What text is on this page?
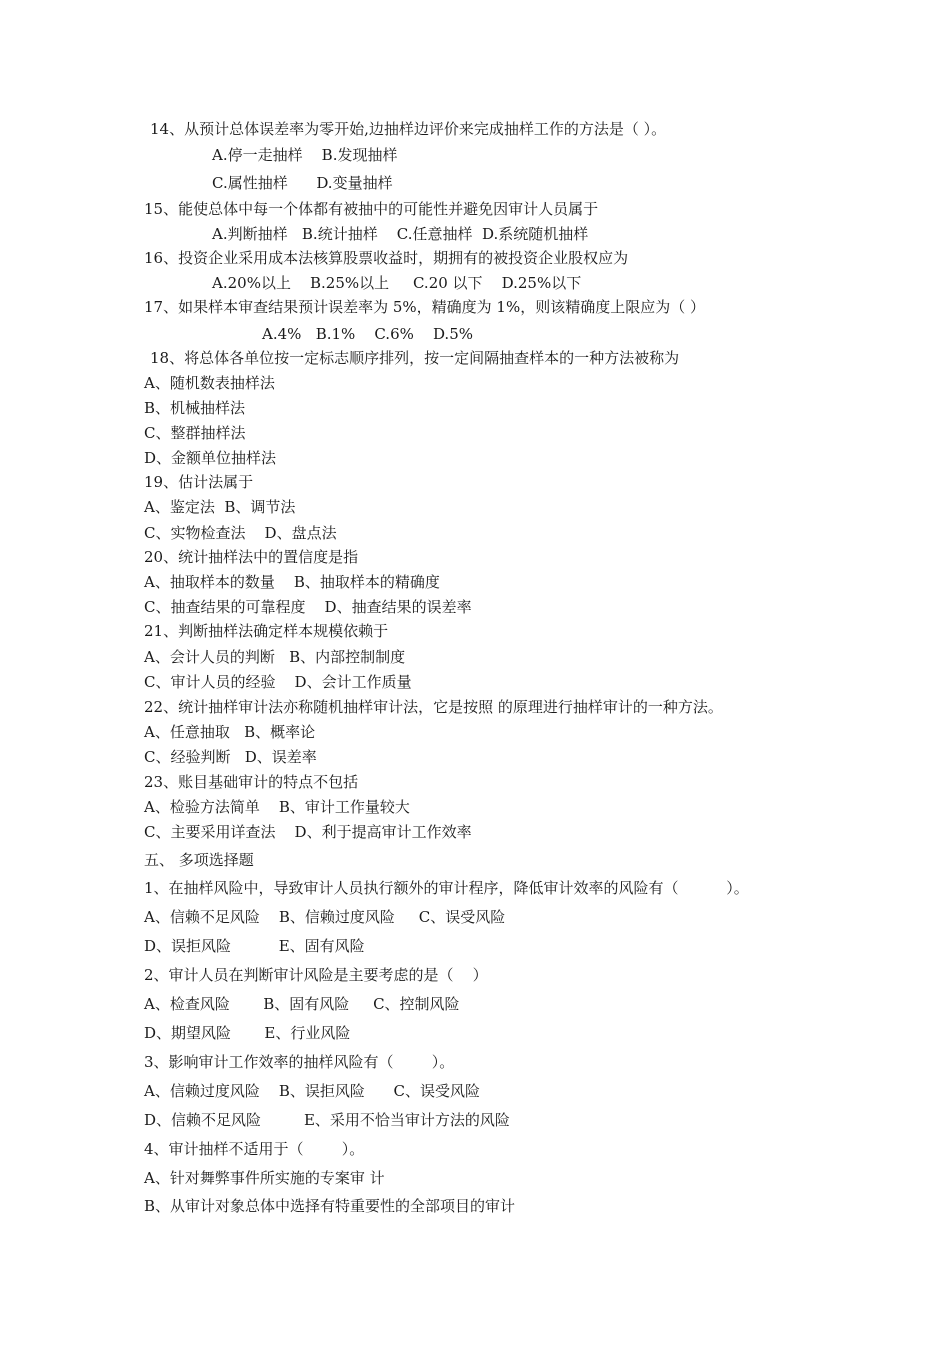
14、从预计总体误差率为零开始,边抽样边评价来完成抽样工作的方法是（ ）。
A.停一走抽样    B.发现抽样
C.属性抽样      D.变量抽样
15、能使总体中每一个体都有被抽中的可能性并避免因审计人员属于
A.判断抽样   B.统计抽样    C.任意抽样  D.系统随机抽样
16、投资企业采用成本法核算股票收益时，期拥有的被投资企业股权应为
A.20%以上    B.25%以上     C.20 以下    D.25%以下
17、如果样本审查结果预计误差率为 5%，精确度为 1%，则该精确度上限应为（ ）
A.4%   B.1%    C.6%    D.5%
18、将总体各单位按一定标志顺序排列，按一定间隔抽查样本的一种方法被称为
A、随机数表抽样法
B、机械抽样法
C、整群抽样法
D、金额单位抽样法
19、估计法属于
A、鉴定法  B、调节法
C、实物检查法    D、盘点法
20、统计抽样法中的置信度是指
A、抽取样本的数量    B、抽取样本的精确度
C、抽查结果的可靠程度    D、抽查结果的误差率
21、判断抽样法确定样本规模依赖于
A、会计人员的判断   B、内部控制制度
C、审计人员的经验    D、会计工作质量
22、统计抽样审计法亦称随机抽样审计法，它是按照 的原理进行抽样审计的一种方法。
A、任意抽取   B、概率论
C、经验判断   D、误差率
23、账目基础审计的特点不包括
A、检验方法简单    B、审计工作量较大
C、主要采用详查法    D、利于提高审计工作效率
五、 多项选择题
1、在抽样风险中，导致审计人员执行额外的审计程序，降低审计效率的风险有（          ）。
A、信赖不足风险    B、信赖过度风险     C、误受风险
D、误拒风险          E、固有风险
2、审计人员在判断审计风险是主要考虑的是（    ）
A、检查风险       B、固有风险     C、控制风险
D、期望风险       E、行业风险
3、影响审计工作效率的抽样风险有（        ）。
A、信赖过度风险    B、误拒风险      C、误受风险
D、信赖不足风险         E、采用不恰当审计方法的风险
4、审计抽样不适用于（        ）。
A、针对舞弊事件所实施的专案审 计
B、从审计对象总体中选择有特重要性的全部项目的审计
